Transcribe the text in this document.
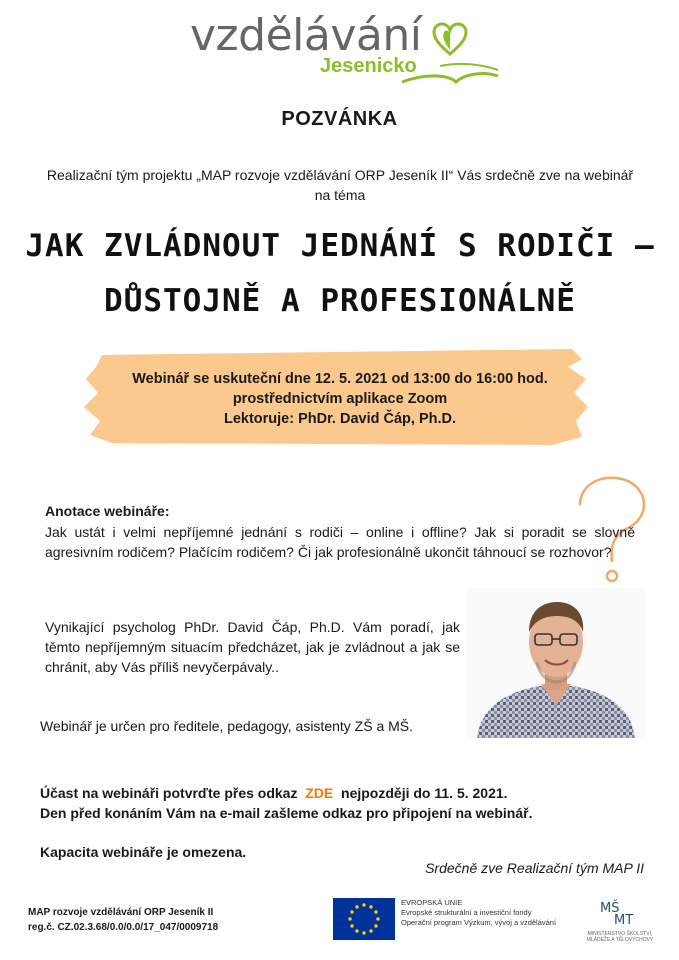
vzdělávání
Jesenicko
POZVÁNKA
Realizační tým projektu „MAP rozvoje vzdělávání ORP Jeseník II“ Vás srdečně zve na webinář na téma
JAK ZVLÁDNOUT JEDNÁNÍ S RODIČI –
DŮSTOJNĚ A PROFESIONÁLNĚ
Webinář se uskuteční dne 12. 5. 2021 od 13:00 do 16:00 hod.
prostřednictvím aplikace Zoom
Lektoruje: PhDr. David Čáp, Ph.D.
Anotace webináře:
Jak ustát i velmi nepříjemné jednání s rodiči – online i offline? Jak si poradit se slovně agresivním rodičem? Plačícím rodičem? Či jak profesionálně ukončit táhnoucí se rozhovor?
Vynikající psycholog PhDr. David Čáp, Ph.D. Vám poradí, jak těmto nepříjemným situacím předcházet, jak je zvládnout a jak se chránit, aby Vás příliš nevyčerpávaly..
Webinář je určen pro ředitele, pedagogy, asistenty ZŠ a MŠ.
Účast na webináři potvrďte přes odkaz ZDE nejpozději do 11. 5. 2021.
Den před konáním Vám na e-mail zašleme odkaz pro připojení na webinář.
Kapacita webináře je omezena.
Srdečně zve Realizační tým MAP II
MAP rozvoje vzdělávání ORP Jeseník II
reg.č. CZ.02.3.68/0.0/0.0/17_047/0009718
EVROPSKÁ UNIE
Evropské strukturální a investiční fondy
Operační program Výzkum, vývoj a vzdělávání
MŠ
MT
MINISTERSTVO ŠKOLSTVÍ,
MLÁDEŽE A TĚLOVÝCHOVY
